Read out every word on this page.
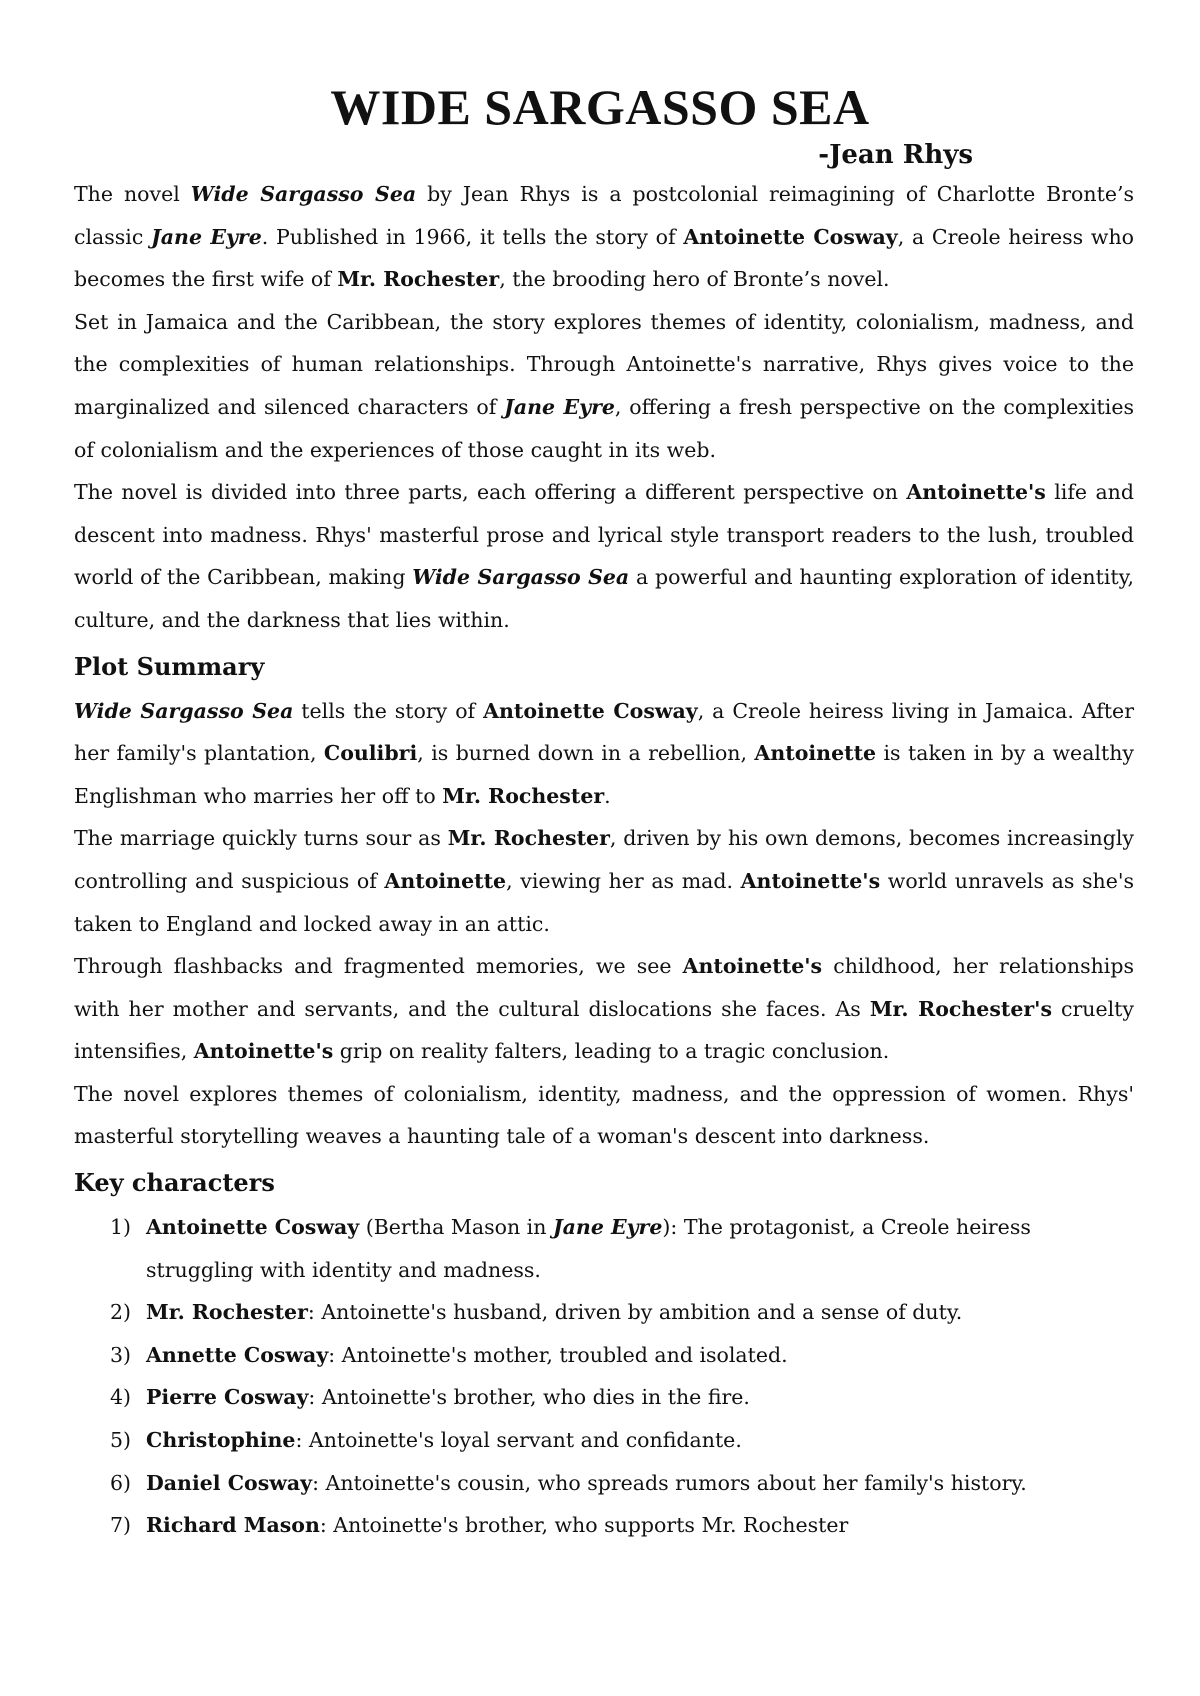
WIDE SARGASSO SEA
-Jean Rhys

The novel Wide Sargasso Sea by Jean Rhys is a postcolonial reimagining of Charlotte Bronte’s classic Jane Eyre. Published in 1966, it tells the story of Antoinette Cosway, a Creole heiress who becomes the first wife of Mr. Rochester, the brooding hero of Bronte’s novel.

Set in Jamaica and the Caribbean, the story explores themes of identity, colonialism, madness, and the complexities of human relationships. Through Antoinette's narrative, Rhys gives voice to the marginalized and silenced characters of Jane Eyre, offering a fresh perspective on the complexities of colonialism and the experiences of those caught in its web.

The novel is divided into three parts, each offering a different perspective on Antoinette's life and descent into madness. Rhys' masterful prose and lyrical style transport readers to the lush, troubled world of the Caribbean, making Wide Sargasso Sea a powerful and haunting exploration of identity, culture, and the darkness that lies within.

Plot Summary

Wide Sargasso Sea tells the story of Antoinette Cosway, a Creole heiress living in Jamaica. After her family's plantation, Coulibri, is burned down in a rebellion, Antoinette is taken in by a wealthy Englishman who marries her off to Mr. Rochester.

The marriage quickly turns sour as Mr. Rochester, driven by his own demons, becomes increasingly controlling and suspicious of Antoinette, viewing her as mad. Antoinette's world unravels as she's taken to England and locked away in an attic.

Through flashbacks and fragmented memories, we see Antoinette's childhood, her relationships with her mother and servants, and the cultural dislocations she faces. As Mr. Rochester's cruelty intensifies, Antoinette's grip on reality falters, leading to a tragic conclusion.

The novel explores themes of colonialism, identity, madness, and the oppression of women. Rhys' masterful storytelling weaves a haunting tale of a woman's descent into darkness.

Key characters
1) Antoinette Cosway (Bertha Mason in Jane Eyre): The protagonist, a Creole heiress struggling with identity and madness.
2) Mr. Rochester: Antoinette's husband, driven by ambition and a sense of duty.
3) Annette Cosway: Antoinette's mother, troubled and isolated.
4) Pierre Cosway: Antoinette's brother, who dies in the fire.
5) Christophine: Antoinette's loyal servant and confidante.
6) Daniel Cosway: Antoinette's cousin, who spreads rumors about her family's history.
7) Richard Mason: Antoinette's brother, who supports Mr. Rochester
